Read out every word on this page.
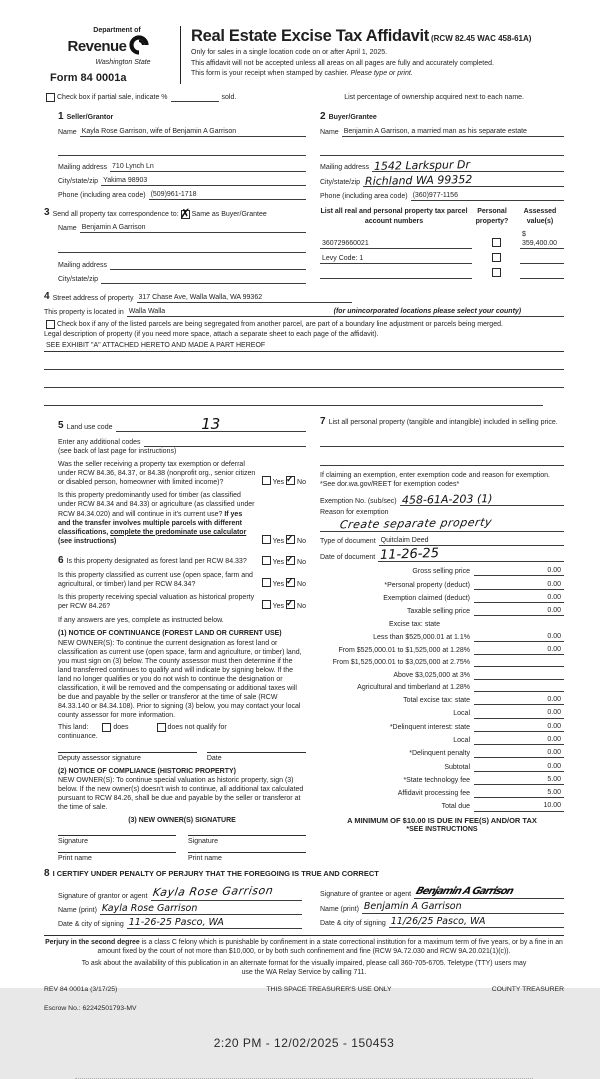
Department of
Revenue
Washington State
Form 84 0001a
Real Estate Excise Tax Affidavit (RCW 82.45 WAC 458-61A)
Only for sales in a single location code on or after April 1, 2025.
This affidavit will not be accepted unless all areas on all pages are fully and accurately completed.
This form is your receipt when stamped by cashier. Please type or print.
Check box if partial sale, indicate %	sold.	List percentage of ownership acquired next to each name.
1 Seller/Grantor
Name Kayla Rose Garrison, wife of Benjamin A Garrison
Mailing address 710 Lynch Ln
City/state/zip Yakima 98903
Phone (including area code) (509)961-1718
3 Send all property tax correspondence to: ✗ Same as Buyer/Grantee
Name Benjamin A Garrison
Mailing address
City/state/zip
2 Buyer/Grantee
Name Benjamin A Garrison, a married man as his separate estate
Mailing address 1542 Larkspur Dr
City/state/zip Richland WA 99352
Phone (including area code) (360)977-1156
List all real and personal property tax parcel account numbers
Personal property?
Assessed value(s)
360729660021
$ 359,400.00
Levy Code: 1
4 Street address of property 317 Chase Ave, Walla Walla, WA 99362
This property is located in Walla Walla	(for unincorporated locations please select your county)
Check box if any of the listed parcels are being segregated from another parcel, are part of a boundary line adjustment or parcels being merged.
Legal description of property (if you need more space, attach a separate sheet to each page of the affidavit).
SEE EXHIBIT "A" ATTACHED HERETO AND MADE A PART HEREOF
5 Land use code	13
Enter any additional codes
(see back of last page for instructions)
Was the seller receiving a property tax exemption or deferral under RCW 84.36, 84.37, or 84.38 (nonprofit org., senior citizen or disabled person, homeowner with limited income)?	Yes ✓ No
Is this property predominantly used for timber (as classified under RCW 84.34 and 84.33) or agriculture (as classified under RCW 84.34.020) and will continue in it's current use? If yes and the transfer involves multiple parcels with different classifications, complete the predominate use calculator (see instructions)	Yes ✓ No
6 Is this property designated as forest land per RCW 84.33?	Yes ✓ No
Is this property classified as current use (open space, farm and agricultural, or timber) land per RCW 84.34?	Yes ✓ No
Is this property receiving special valuation as historical property per RCW 84.26?	Yes ✓ No
If any answers are yes, complete as instructed below.
(1) NOTICE OF CONTINUANCE (FOREST LAND OR CURRENT USE)
NEW OWNER(S): To continue the current designation as forest land or classification as current use (open space, farm and agriculture, or timber) land, you must sign on (3) below. The county assessor must then determine if the land transferred continues to qualify and will indicate by signing below. If the land no longer qualifies or you do not wish to continue the designation or classification, it will be removed and the compensating or additional taxes will be due and payable by the seller or transferor at the time of sale (RCW 84.33.140 or 84.34.108). Prior to signing (3) below, you may contact your local county assessor for more information.
This land:	does	does not qualify for
continuance.
Deputy assessor signature	Date
(2) NOTICE OF COMPLIANCE (HISTORIC PROPERTY)
NEW OWNER(S): To continue special valuation as historic property, sign (3) below. If the new owner(s) doesn't wish to continue, all additional tax calculated pursuant to RCW 84.26, shall be due and payable by the seller or transferor at the time of sale.
(3) NEW OWNER(S) SIGNATURE
Signature	Signature
Print name	Print name
7 List all personal property (tangible and intangible) included in selling price.
If claiming an exemption, enter exemption code and reason for exemption. *See dor.wa.gov/REET for exemption codes*
Exemption No. (sub/sec) 458-61A-203 (1)
Reason for exemption
Create separate property
Type of document Quitclaim Deed
Date of document 11-26-25
Gross selling price	0.00
*Personal property (deduct)	0.00
Exemption claimed (deduct)	0.00
Taxable selling price	0.00
Excise tax: state
Less than $525,000.01 at 1.1%	0.00
From $525,000.01 to $1,525,000 at 1.28%	0.00
From $1,525,000.01 to $3,025,000 at 2.75%
Above $3,025,000 at 3%
Agricultural and timberland at 1.28%
Total excise tax: state	0.00
Local	0.00
*Delinquent interest: state	0.00
Local	0.00
*Delinquent penalty	0.00
Subtotal	0.00
*State technology fee	5.00
Affidavit processing fee	5.00
Total due	10.00
A MINIMUM OF $10.00 IS DUE IN FEE(S) AND/OR TAX
*SEE INSTRUCTIONS
8 I CERTIFY UNDER PENALTY OF PERJURY THAT THE FOREGOING IS TRUE AND CORRECT
Signature of grantor or agent Kayla Rose Garrison
Name (print) Kayla Rose Garrison
Date & city of signing 11-26-25 Pasco, WA
Signature of grantee or agent Benjamin A Garrison
Name (print) Benjamin A Garrison
Date & city of signing 11/26/25 Pasco, WA
Perjury in the second degree is a class C felony which is punishable by confinement in a state correctional institution for a maximum term of five years, or by a fine in an amount fixed by the court of not more than $10,000, or by both such confinement and fine (RCW 9A.72.030 and RCW 9A.20.021(1)(c)).
To ask about the availability of this publication in an alternate format for the visually impaired, please call 360-705-6705. Teletype (TTY) users may use the WA Relay Service by calling 711.
REV 84 0001a (3/17/25)	THIS SPACE TREASURER'S USE ONLY	COUNTY TREASURER
Escrow No.: 62242501793-MV
2:20 PM - 12/02/2025 - 150453
